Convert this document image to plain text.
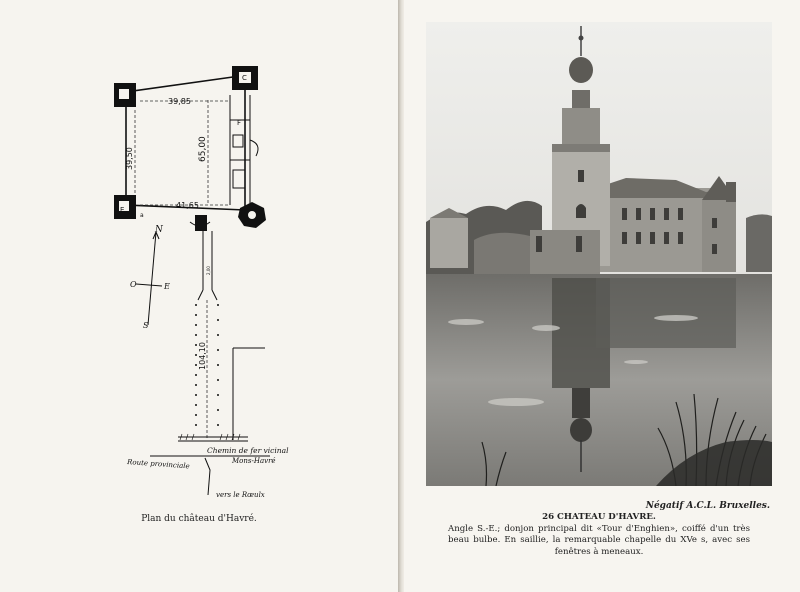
39,85
39,50	65,00
41,65
104,10
2,00
F
C
E
a
N
O	E
S
Chemin de fer vicinal
Mons-Havré
Route provinciale
vers le Rœulx
Plan du château d'Havré.
Négatif A.C.L. Bruxelles.
26 CHATEAU D'HAVRE.
Angle S.-E.; donjon principal dit «Tour d'Enghien», coiffé d'un très beau bulbe. En saillie, la remarquable chapelle du XVe s, avec ses fenêtres à meneaux.
